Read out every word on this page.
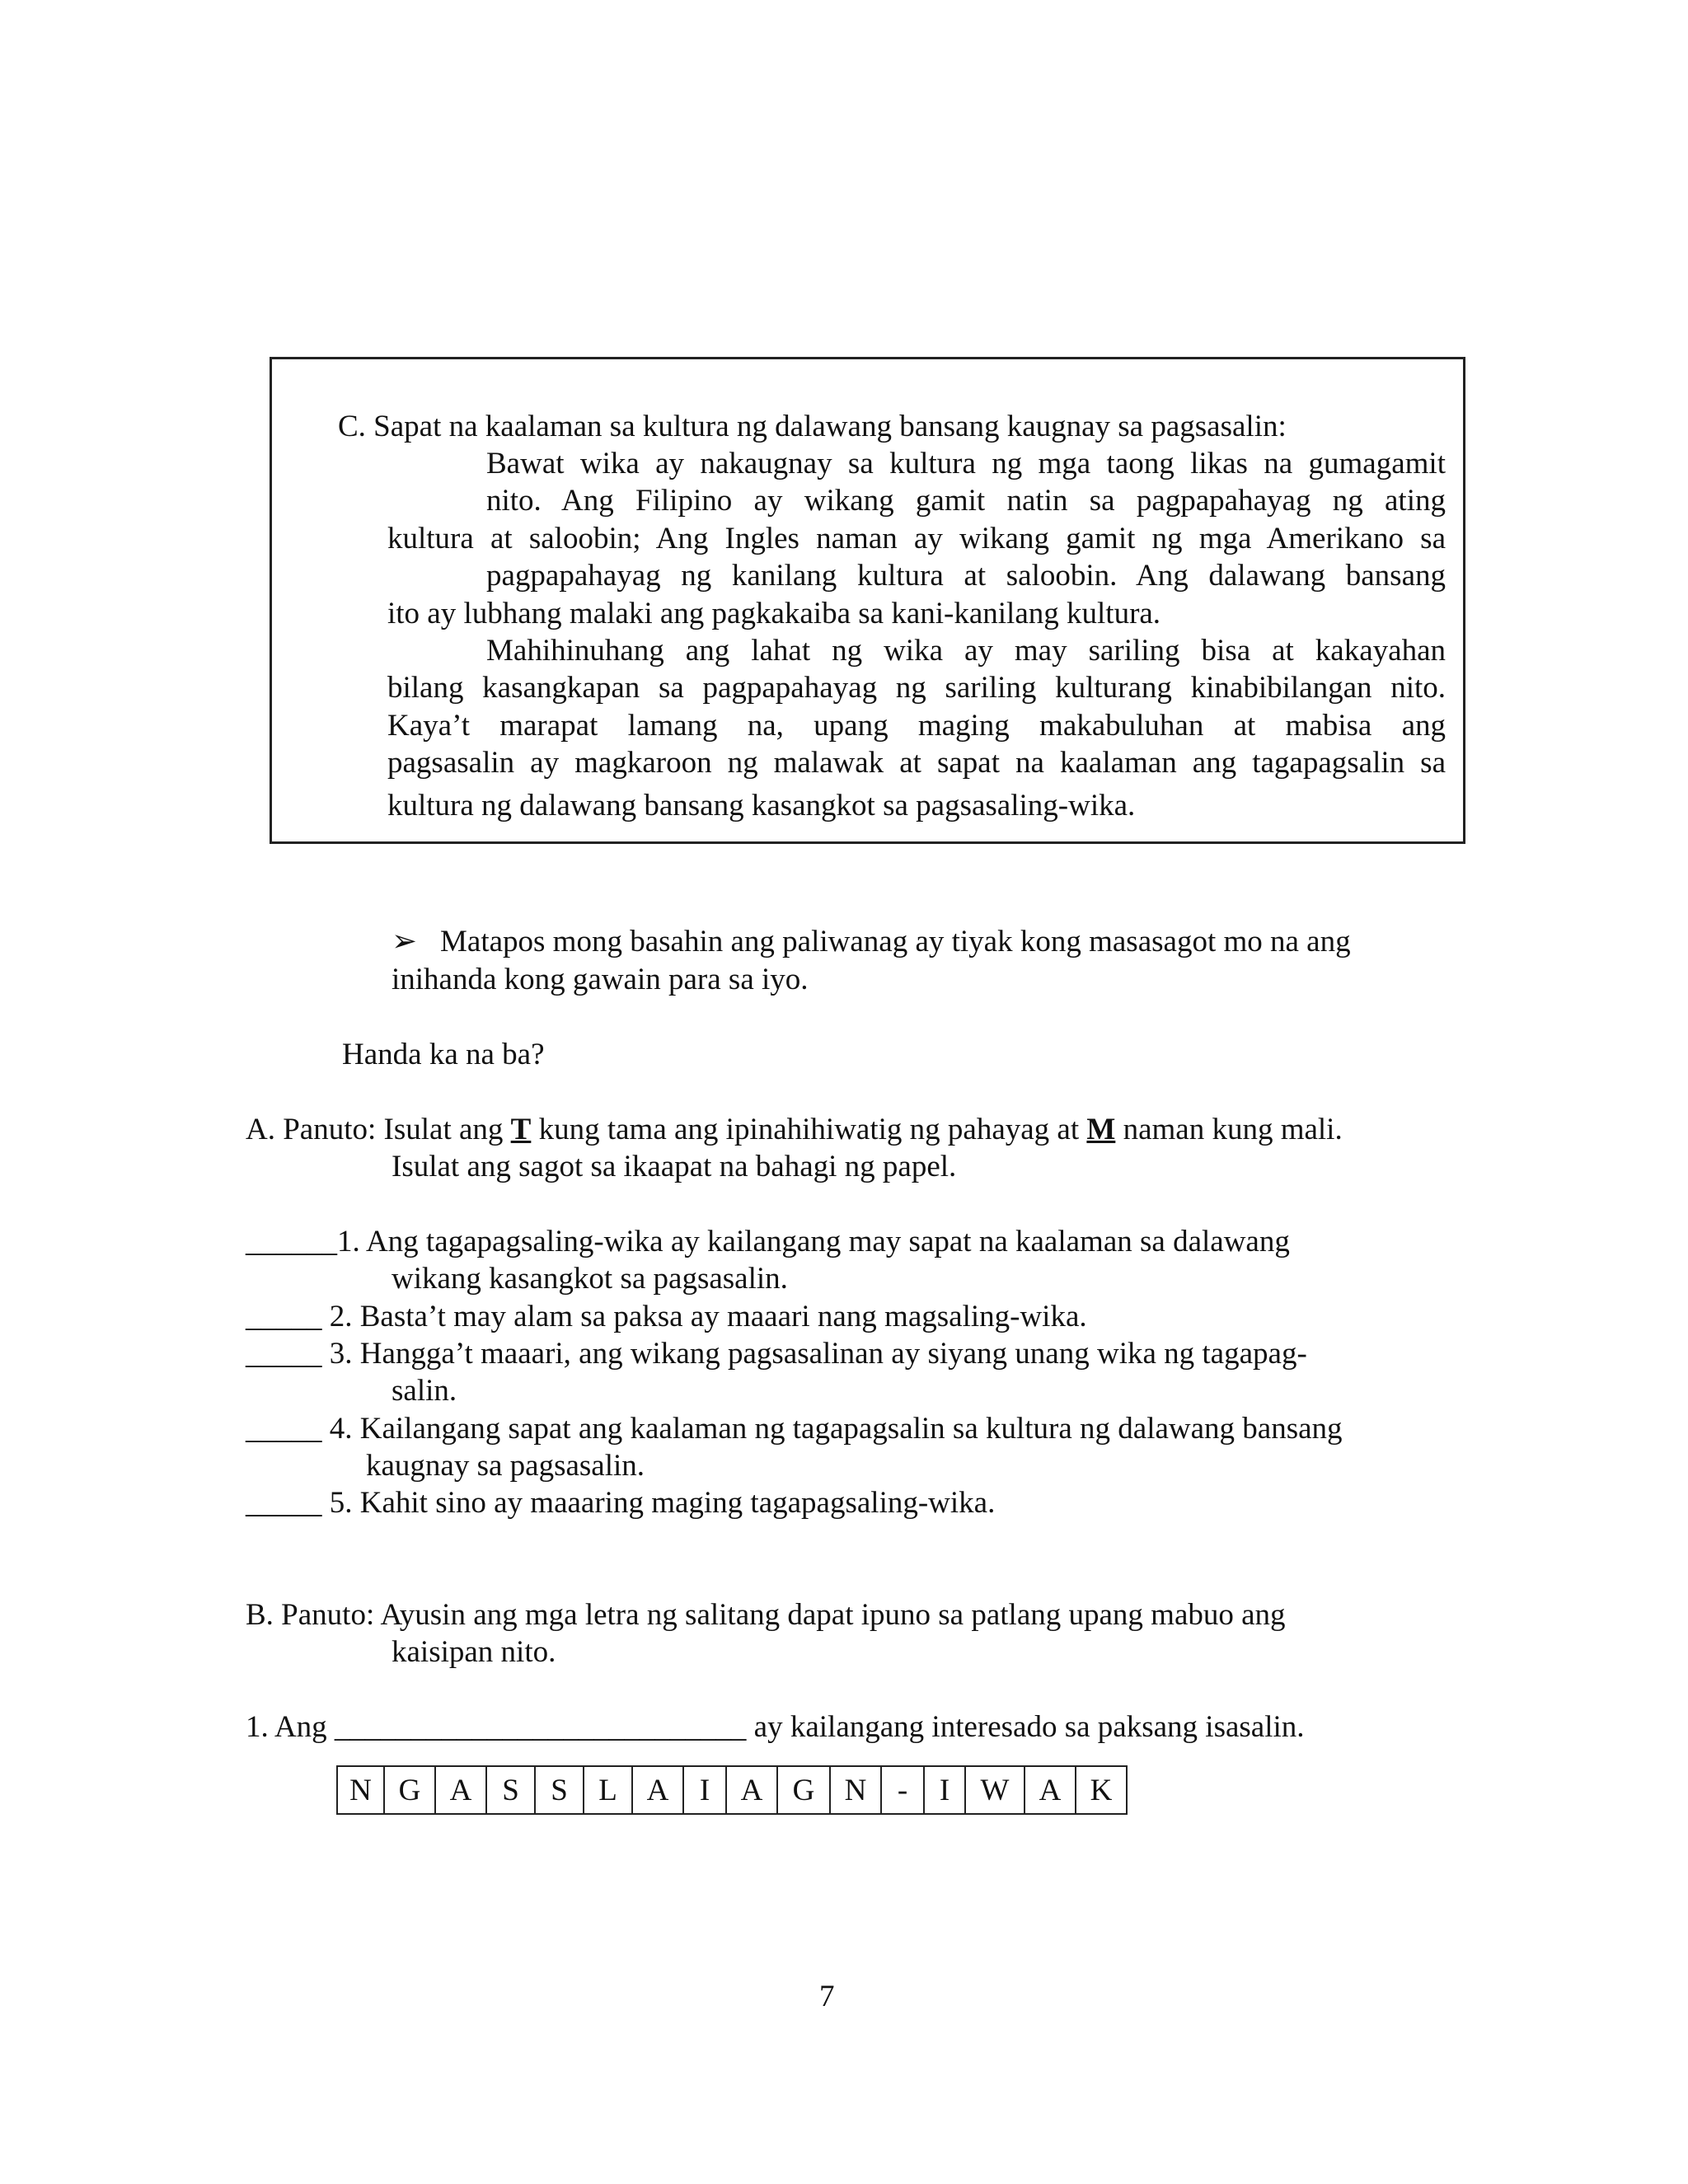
C. Sapat na kaalaman sa kultura ng dalawang bansang kaugnay sa pagsasalin:
Bawat wika ay nakaugnay sa kultura ng mga taong likas na gumagamit
nito. Ang Filipino ay wikang gamit natin sa pagpapahayag ng ating
kultura at saloobin; Ang Ingles naman ay wikang gamit ng mga Amerikano sa
pagpapahayag ng kanilang kultura at saloobin. Ang dalawang bansang
ito ay lubhang malaki ang pagkakaiba sa kani-kanilang kultura.
Mahihinuhang ang lahat ng wika ay may sariling bisa at kakayahan
bilang kasangkapan sa pagpapahayag ng sariling kulturang kinabibilangan nito.
Kaya’t marapat lamang na, upang maging makabuluhan at mabisa ang
pagsasalin ay magkaroon ng malawak at sapat na kaalaman ang tagapagsalin sa
kultura ng dalawang bansang kasangkot sa pagsasaling-wika.
➢ Matapos mong basahin ang paliwanag ay tiyak kong masasagot mo na ang
inihanda kong gawain para sa iyo.
Handa ka na ba?
A. Panuto: Isulat ang T kung tama ang ipinahihiwatig ng pahayag at M naman kung mali.
Isulat ang sagot sa ikaapat na bahagi ng papel.
______1. Ang tagapagsaling-wika ay kailangang may sapat na kaalaman sa dalawang
wikang kasangkot sa pagsasalin.
_____ 2. Basta’t may alam sa paksa ay maaari nang magsaling-wika.
_____ 3. Hangga’t maaari, ang wikang pagsasalinan ay siyang unang wika ng tagapag-
salin.
_____ 4. Kailangang sapat ang kaalaman ng tagapagsalin sa kultura ng dalawang bansang
kaugnay sa pagsasalin.
_____ 5. Kahit sino ay maaaring maging tagapagsaling-wika.
B. Panuto: Ayusin ang mga letra ng salitang dapat ipuno sa patlang upang mabuo ang
kaisipan nito.
1. Ang ___________________________ ay kailangang interesado sa paksang isasalin.
N	G	A	S	S	L	A	I	A	G	N	-	I	W	A	K
7
